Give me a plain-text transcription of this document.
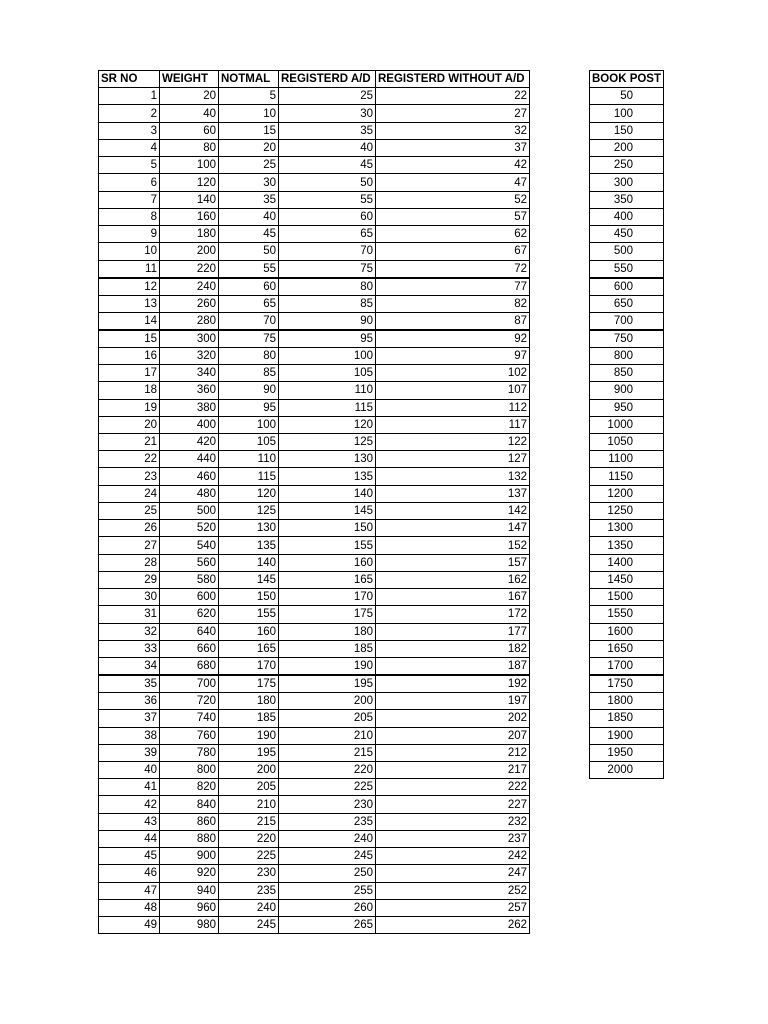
SR NO	WEIGHT	NOTMAL	REGISTERD A/D	REGISTERD WITHOUT A/D
1	20	5	25	22
2	40	10	30	27
3	60	15	35	32
4	80	20	40	37
5	100	25	45	42
6	120	30	50	47
7	140	35	55	52
8	160	40	60	57
9	180	45	65	62
10	200	50	70	67
11	220	55	75	72
12	240	60	80	77
13	260	65	85	82
14	280	70	90	87
15	300	75	95	92
16	320	80	100	97
17	340	85	105	102
18	360	90	110	107
19	380	95	115	112
20	400	100	120	117
21	420	105	125	122
22	440	110	130	127
23	460	115	135	132
24	480	120	140	137
25	500	125	145	142
26	520	130	150	147
27	540	135	155	152
28	560	140	160	157
29	580	145	165	162
30	600	150	170	167
31	620	155	175	172
32	640	160	180	177
33	660	165	185	182
34	680	170	190	187
35	700	175	195	192
36	720	180	200	197
37	740	185	205	202
38	760	190	210	207
39	780	195	215	212
40	800	200	220	217
41	820	205	225	222
42	840	210	230	227
43	860	215	235	232
44	880	220	240	237
45	900	225	245	242
46	920	230	250	247
47	940	235	255	252
48	960	240	260	257
49	980	245	265	262
BOOK POST
50
100
150
200
250
300
350
400
450
500
550
600
650
700
750
800
850
900
950
1000
1050
1100
1150
1200
1250
1300
1350
1400
1450
1500
1550
1600
1650
1700
1750
1800
1850
1900
1950
2000
